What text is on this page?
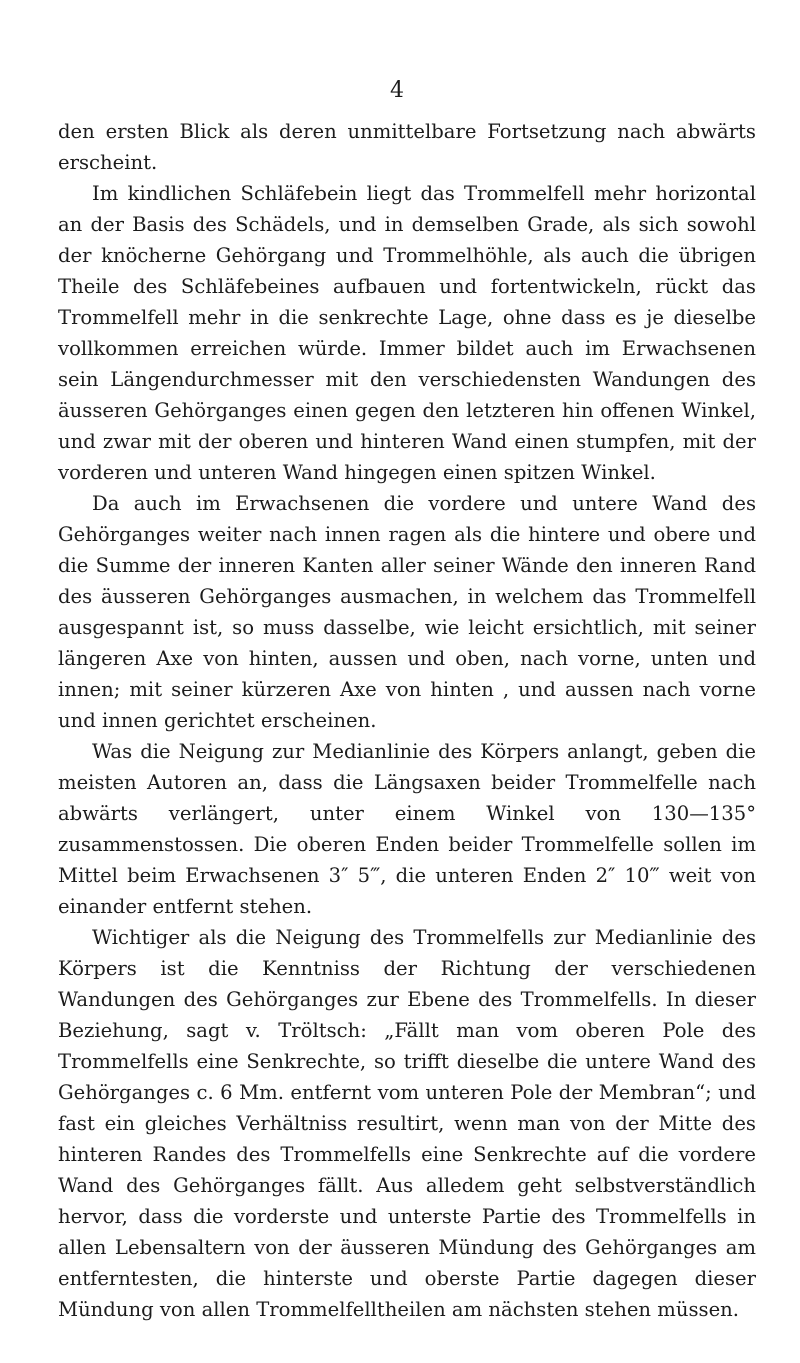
4

den ersten Blick als deren unmittelbare Fortsetzung nach abwärts erscheint.

Im kindlichen Schläfebein liegt das Trommelfell mehr horizontal an der Basis des Schädels, und in demselben Grade, als sich sowohl der knöcherne Gehörgang und Trommelhöhle, als auch die übrigen Theile des Schläfebeines aufbauen und fortentwickeln, rückt das Trommelfell mehr in die senkrechte Lage, ohne dass es je dieselbe vollkommen erreichen würde. Immer bildet auch im Erwachsenen sein Längendurchmesser mit den verschiedensten Wandungen des äusseren Gehörganges einen gegen den letzteren hin offenen Winkel, und zwar mit der oberen und hinteren Wand einen stumpfen, mit der vorderen und unteren Wand hingegen einen spitzen Winkel.

Da auch im Erwachsenen die vordere und untere Wand des Gehörganges weiter nach innen ragen als die hintere und obere und die Summe der inneren Kanten aller seiner Wände den inneren Rand des äusseren Gehörganges ausmachen, in welchem das Trommelfell ausgespannt ist, so muss dasselbe, wie leicht ersichtlich, mit seiner längeren Axe von hinten, aussen und oben, nach vorne, unten und innen; mit seiner kürzeren Axe von hinten , und aussen nach vorne und innen gerichtet erscheinen.

Was die Neigung zur Medianlinie des Körpers anlangt, geben die meisten Autoren an, dass die Längsaxen beider Trommelfelle nach abwärts verlängert, unter einem Winkel von 130—135° zusammenstossen. Die oberen Enden beider Trommelfelle sollen im Mittel beim Erwachsenen 3″ 5‴, die unteren Enden 2″ 10‴ weit von einander entfernt stehen.

Wichtiger als die Neigung des Trommelfells zur Medianlinie des Körpers ist die Kenntniss der Richtung der verschiedenen Wandungen des Gehörganges zur Ebene des Trommelfells. In dieser Beziehung, sagt v. Tröltsch: „Fällt man vom oberen Pole des Trommelfells eine Senkrechte, so trifft dieselbe die untere Wand des Gehörganges c. 6 Mm. entfernt vom unteren Pole der Membran“; und fast ein gleiches Verhältniss resultirt, wenn man von der Mitte des hinteren Randes des Trommelfells eine Senkrechte auf die vordere Wand des Gehörganges fällt. Aus alledem geht selbstverständlich hervor, dass die vorderste und unterste Partie des Trommelfells in allen Lebensaltern von der äusseren Mündung des Gehörganges am entferntesten, die hinterste und oberste Partie dagegen dieser Mündung von allen Trommelfelltheilen am nächsten stehen müssen.
